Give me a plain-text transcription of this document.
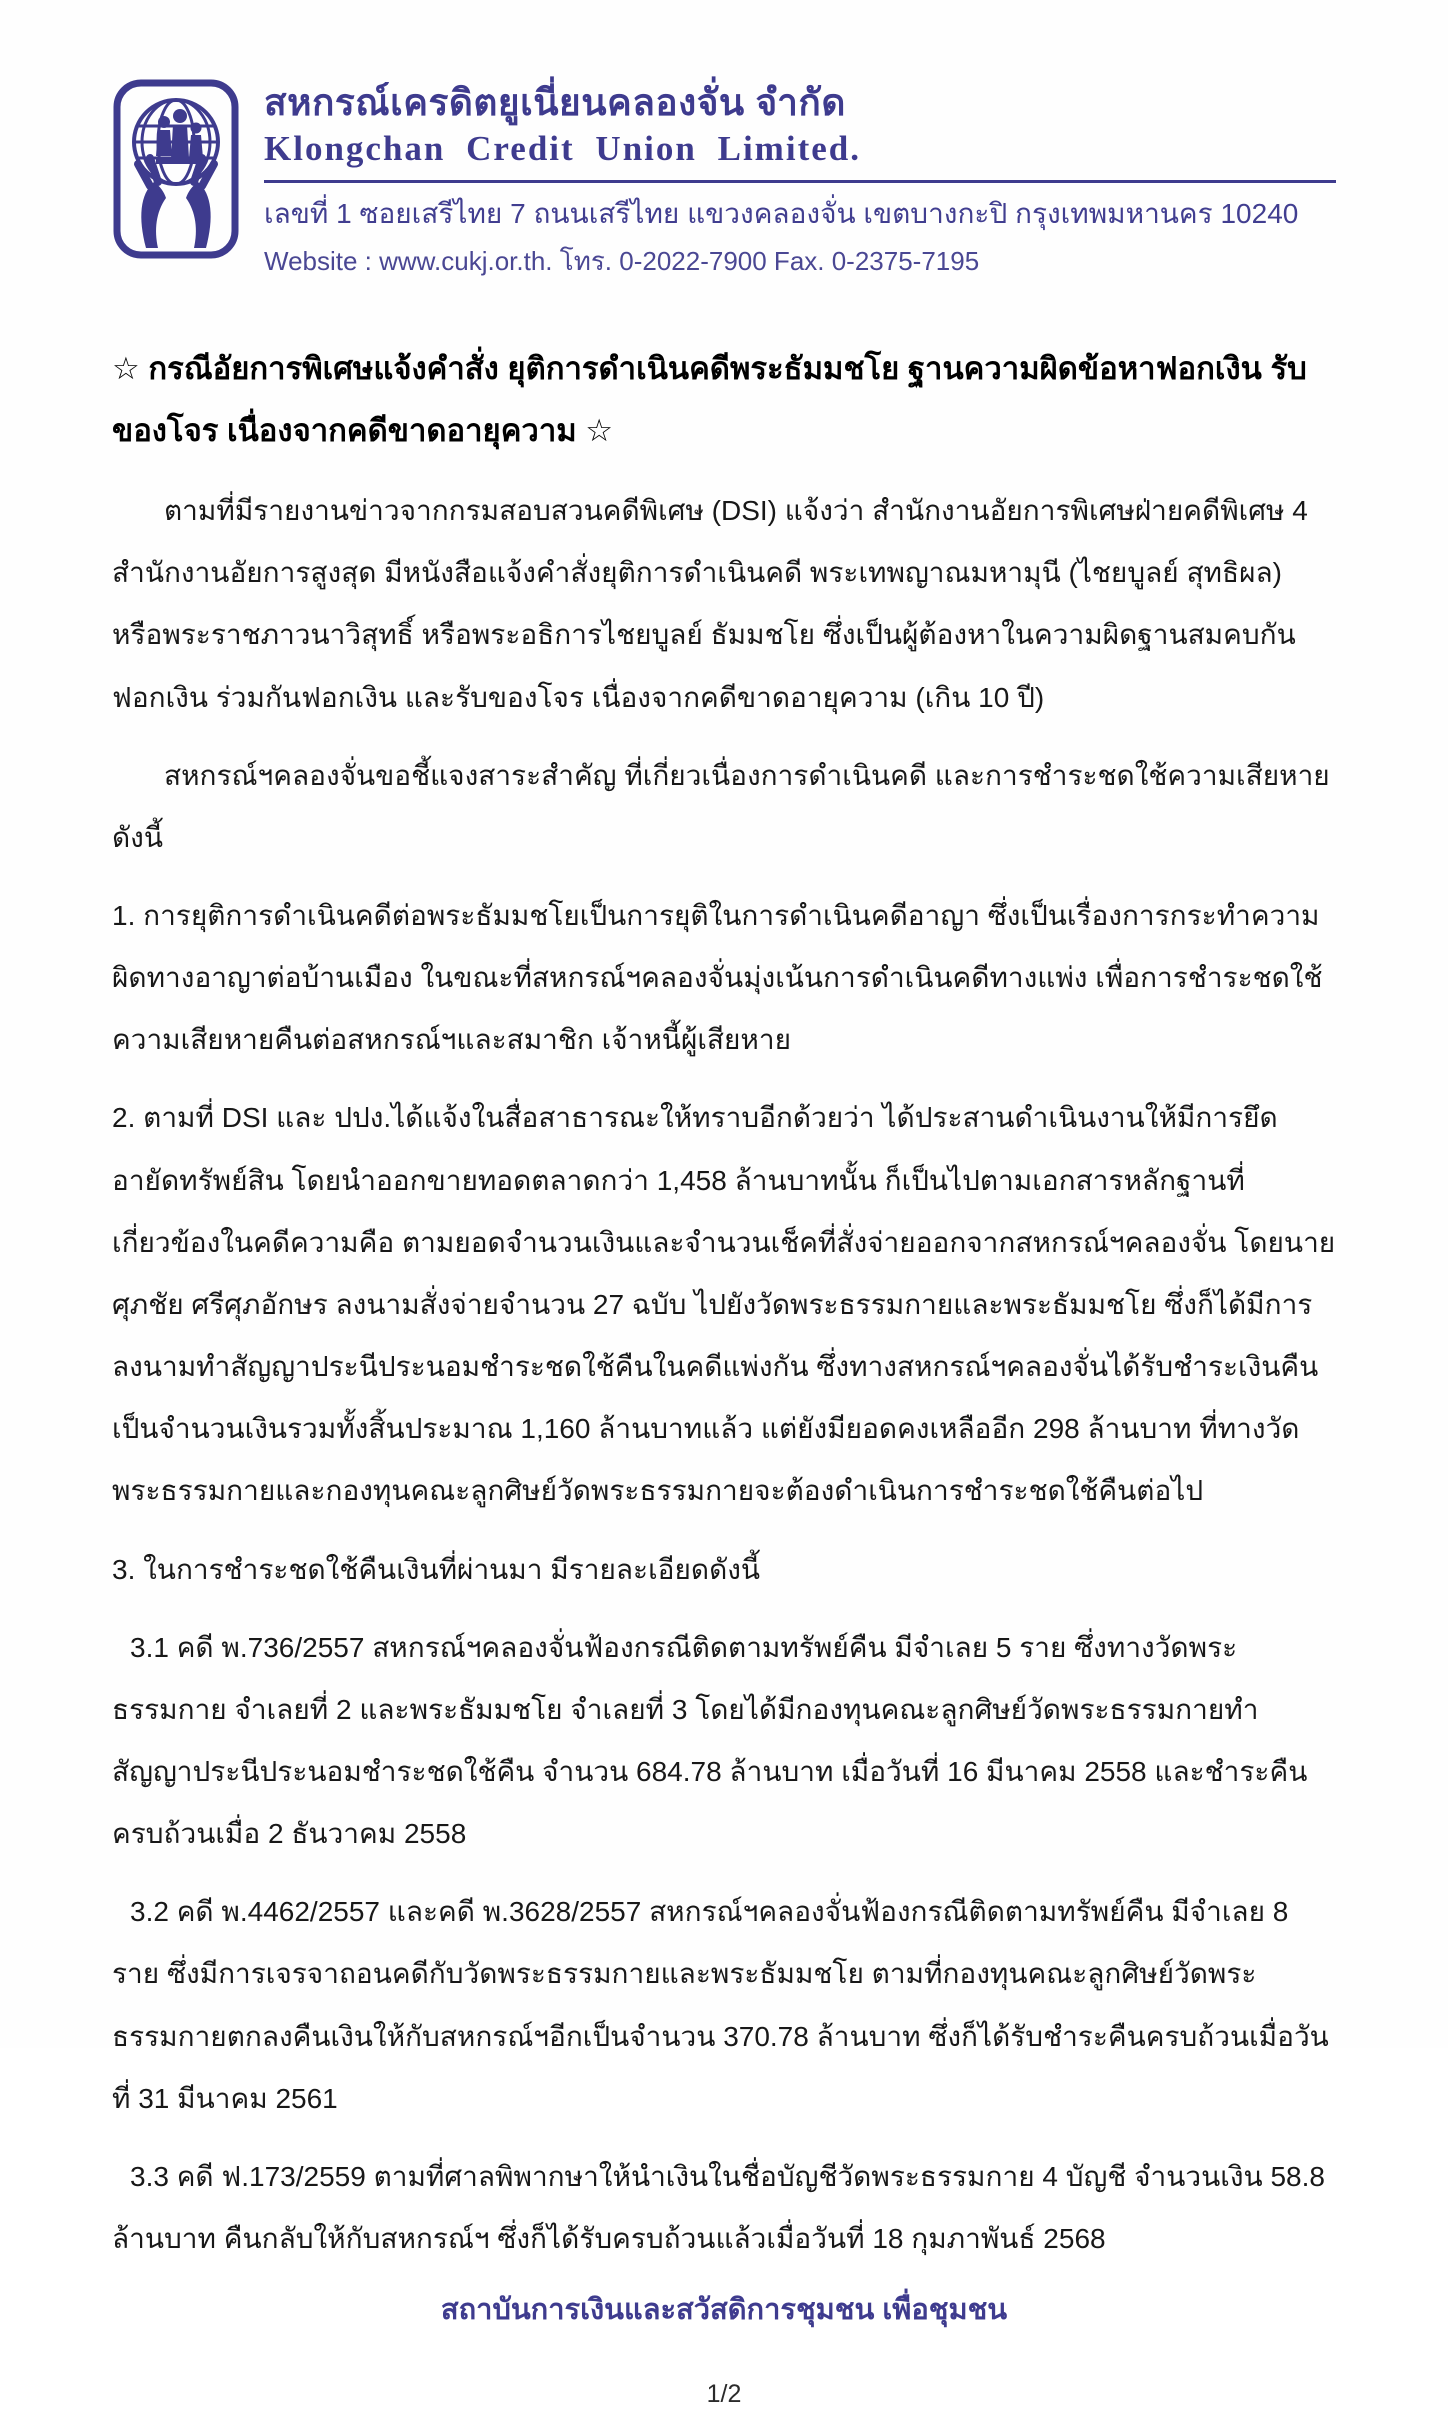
สหกรณ์เครดิตยูเนี่ยนคลองจั่น จำกัด
Klongchan Credit Union Limited.
เลขที่ 1 ซอยเสรีไทย 7 ถนนเสรีไทย แขวงคลองจั่น เขตบางกะปิ กรุงเทพมหานคร 10240
Website : www.cukj.or.th. โทร. 0-2022-7900 Fax. 0-2375-7195
☆ กรณีอัยการพิเศษแจ้งคำสั่ง ยุติการดำเนินคดีพระธัมมชโย ฐานความผิดข้อหาฟอกเงิน รับของโจร เนื่องจากคดีขาดอายุความ ☆

ตามที่มีรายงานข่าวจากกรมสอบสวนคดีพิเศษ (DSI) แจ้งว่า สำนักงานอัยการพิเศษฝ่ายคดีพิเศษ 4 สำนักงานอัยการสูงสุด มีหนังสือแจ้งคำสั่งยุติการดำเนินคดี พระเทพญาณมหามุนี (ไชยบูลย์ สุทธิผล) หรือพระราชภาวนาวิสุทธิ์ หรือพระอธิการไชยบูลย์ ธัมมชโย ซึ่งเป็นผู้ต้องหาในความผิดฐานสมคบกันฟอกเงิน ร่วมกันฟอกเงิน และรับของโจร เนื่องจากคดีขาดอายุความ (เกิน 10 ปี)

สหกรณ์ฯคลองจั่นขอชี้แจงสาระสำคัญ ที่เกี่ยวเนื่องการดำเนินคดี และการชำระชดใช้ความเสียหาย ดังนี้

1. การยุติการดำเนินคดีต่อพระธัมมชโยเป็นการยุติในการดำเนินคดีอาญา ซึ่งเป็นเรื่องการกระทำความผิดทางอาญาต่อบ้านเมือง ในขณะที่สหกรณ์ฯคลองจั่นมุ่งเน้นการดำเนินคดีทางแพ่ง เพื่อการชำระชดใช้ความเสียหายคืนต่อสหกรณ์ฯและสมาชิก เจ้าหนี้ผู้เสียหาย

2. ตามที่ DSI และ ปปง.ได้แจ้งในสื่อสาธารณะให้ทราบอีกด้วยว่า ได้ประสานดำเนินงานให้มีการยึดอายัดทรัพย์สิน โดยนำออกขายทอดตลาดกว่า 1,458 ล้านบาทนั้น ก็เป็นไปตามเอกสารหลักฐานที่เกี่ยวข้องในคดีความคือ ตามยอดจำนวนเงินและจำนวนเช็คที่สั่งจ่ายออกจากสหกรณ์ฯคลองจั่น โดยนายศุภชัย ศรีศุภอักษร ลงนามสั่งจ่ายจำนวน 27 ฉบับ ไปยังวัดพระธรรมกายและพระธัมมชโย ซึ่งก็ได้มีการลงนามทำสัญญาประนีประนอมชำระชดใช้คืนในคดีแพ่งกัน ซึ่งทางสหกรณ์ฯคลองจั่นได้รับชำระเงินคืนเป็นจำนวนเงินรวมทั้งสิ้นประมาณ 1,160 ล้านบาทแล้ว แต่ยังมียอดคงเหลืออีก 298 ล้านบาท ที่ทางวัดพระธรรมกายและกองทุนคณะลูกศิษย์วัดพระธรรมกายจะต้องดำเนินการชำระชดใช้คืนต่อไป

3. ในการชำระชดใช้คืนเงินที่ผ่านมา มีรายละเอียดดังนี้

3.1 คดี พ.736/2557 สหกรณ์ฯคลองจั่นฟ้องกรณีติดตามทรัพย์คืน มีจำเลย 5 ราย ซึ่งทางวัดพระธรรมกาย จำเลยที่ 2 และพระธัมมชโย จำเลยที่ 3 โดยได้มีกองทุนคณะลูกศิษย์วัดพระธรรมกายทำสัญญาประนีประนอมชำระชดใช้คืน จำนวน 684.78 ล้านบาท เมื่อวันที่ 16 มีนาคม 2558 และชำระคืนครบถ้วนเมื่อ 2 ธันวาคม 2558

3.2 คดี พ.4462/2557 และคดี พ.3628/2557 สหกรณ์ฯคลองจั่นฟ้องกรณีติดตามทรัพย์คืน มีจำเลย 8 ราย ซึ่งมีการเจรจาถอนคดีกับวัดพระธรรมกายและพระธัมมชโย ตามที่กองทุนคณะลูกศิษย์วัดพระธรรมกายตกลงคืนเงินให้กับสหกรณ์ฯอีกเป็นจำนวน 370.78 ล้านบาท ซึ่งก็ได้รับชำระคืนครบถ้วนเมื่อวันที่ 31 มีนาคม 2561

3.3 คดี ฟ.173/2559 ตามที่ศาลพิพากษาให้นำเงินในชื่อบัญชีวัดพระธรรมกาย 4 บัญชี จำนวนเงิน 58.8 ล้านบาท คืนกลับให้กับสหกรณ์ฯ ซึ่งก็ได้รับครบถ้วนแล้วเมื่อวันที่ 18 กุมภาพันธ์ 2568

สถาบันการเงินและสวัสดิการชุมชน เพื่อชุมชน
1/2
